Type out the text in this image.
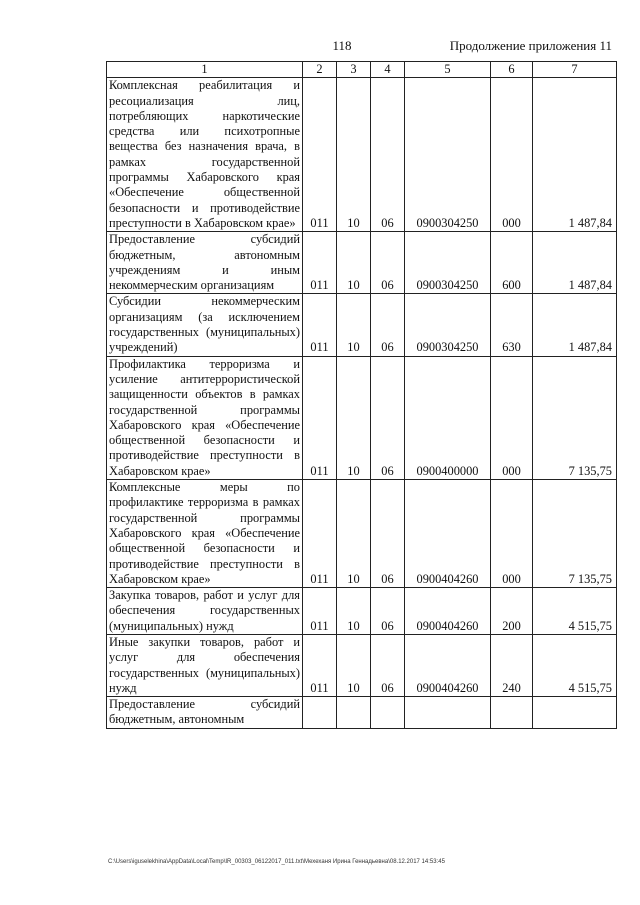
118	Продолжение приложения 11
1	2	3	4	5	6	7
Комплексная реабилитация и ресоциализация лиц, потребляющих наркотические средства или психотропные вещества без назначения врача, в рамках государственной программы Хабаровского края «Обеспечение общественной безопасности и противодействие преступности в Хабаровском крае»	011	10	06	0900304250	000	1 487,84
Предоставление субсидий бюджетным, автономным учреждениям и иным некоммерческим организациям	011	10	06	0900304250	600	1 487,84
Субсидии некоммерческим организациям (за исключением государственных (муниципальных) учреждений)	011	10	06	0900304250	630	1 487,84
Профилактика терроризма и усиление антитеррористической защищенности объектов в рамках государственной программы Хабаровского края «Обеспечение общественной безопасности и противодействие преступности в Хабаровском крае»	011	10	06	0900400000	000	7 135,75
Комплексные меры по профилактике терроризма в рамках государственной программы Хабаровского края «Обеспечение общественной безопасности и противодействие преступности в Хабаровском крае»	011	10	06	0900404260	000	7 135,75
Закупка товаров, работ и услуг для обеспечения государственных (муниципальных) нужд	011	10	06	0900404260	200	4 515,75
Иные закупки товаров, работ и услуг для обеспечения государственных (муниципальных) нужд	011	10	06	0900404260	240	4 515,75
Предоставление субсидий бюджетным, автономным						
C:\Users\iguselekhina\AppData\Local\Temp\IR_00303_06122017_011.txt\Мехеханя Ирина Геннадьевна\08.12.2017 14:53:45
